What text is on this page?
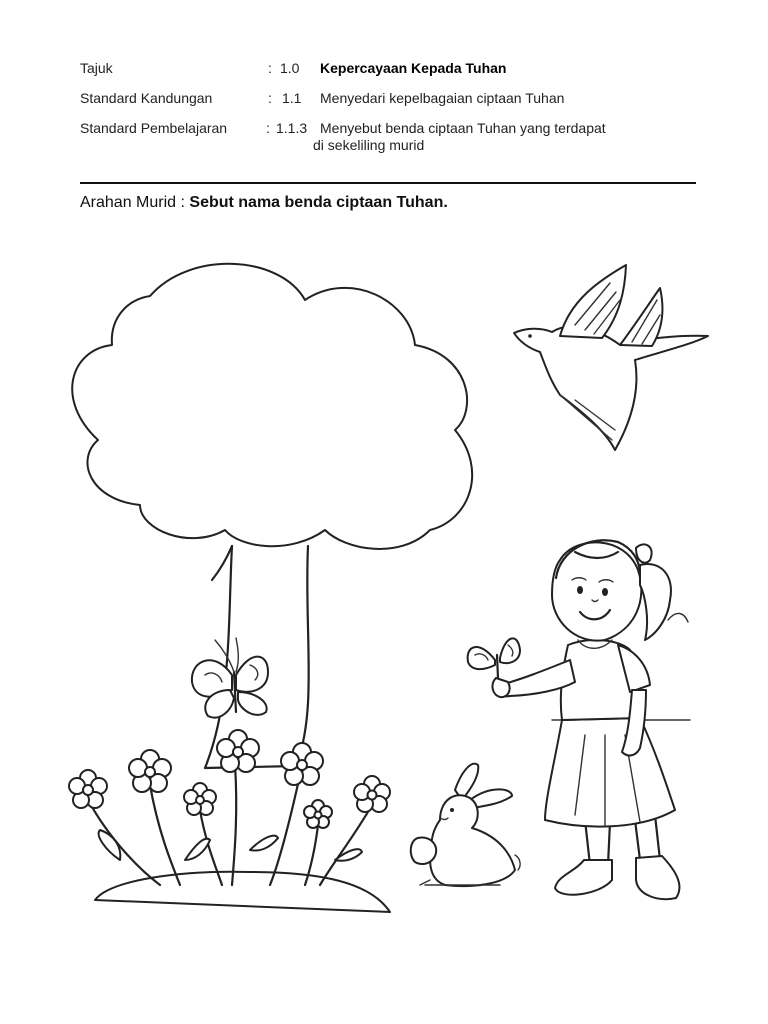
Tajuk	: 1.0 Kepercayaan Kepada Tuhan
Standard Kandungan	: 1.1 Menyedari kepelbagaian ciptaan Tuhan
Standard Pembelajaran	: 1.1.3 Menyebut benda ciptaan Tuhan yang terdapat
di sekeliling murid
Arahan Murid : Sebut nama benda ciptaan Tuhan.
